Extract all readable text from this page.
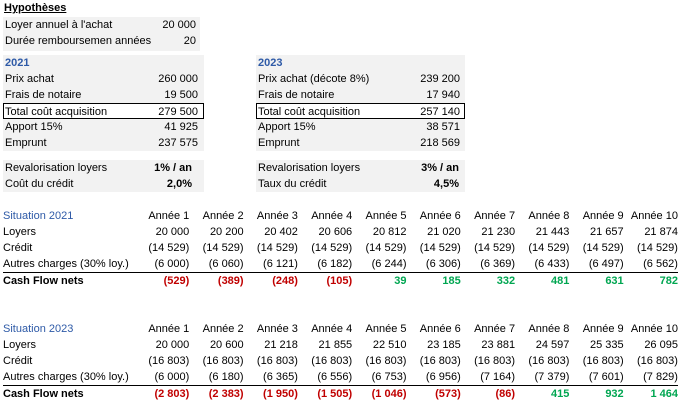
Hypothèses
Loyer annuel à l'achat	20 000
Durée remboursemen années	20
2021
Prix achat	260 000
Frais de notaire	19 500
Total coût acquisition	279 500
Apport 15%	41 925
Emprunt	237 575
Revalorisation loyers	1% / an
Coût du crédit	2,0%
2023
Prix achat (décote 8%)	239 200
Frais de notaire	17 940
Total coût acquisition	257 140
Apport 15%	38 571
Emprunt	218 569
Revalorisation loyers	3% / an
Taux du crédit	4,5%
Situation 2021	Année 1	Année 2	Année 3	Année 4	Année 5	Année 6	Année 7	Année 8	Année 9	Année 10
Loyers	20 000	20 200	20 402	20 606	20 812	21 020	21 230	21 443	21 657	21 874
Crédit	(14 529)	(14 529)	(14 529)	(14 529)	(14 529)	(14 529)	(14 529)	(14 529)	(14 529)	(14 529)
Autres charges (30% loy.)	(6 000)	(6 060)	(6 121)	(6 182)	(6 244)	(6 306)	(6 369)	(6 433)	(6 497)	(6 562)
Cash Flow nets	(529)	(389)	(248)	(105)	39	185	332	481	631	782
Situation 2023	Année 1	Année 2	Année 3	Année 4	Année 5	Année 6	Année 7	Année 8	Année 9	Année 10
Loyers	20 000	20 600	21 218	21 855	22 510	23 185	23 881	24 597	25 335	26 095
Crédit	(16 803)	(16 803)	(16 803)	(16 803)	(16 803)	(16 803)	(16 803)	(16 803)	(16 803)	(16 803)
Autres charges (30% loy.)	(6 000)	(6 180)	(6 365)	(6 556)	(6 753)	(6 956)	(7 164)	(7 379)	(7 601)	(7 829)
Cash Flow nets	(2 803)	(2 383)	(1 950)	(1 505)	(1 046)	(573)	(86)	415	932	1 464
